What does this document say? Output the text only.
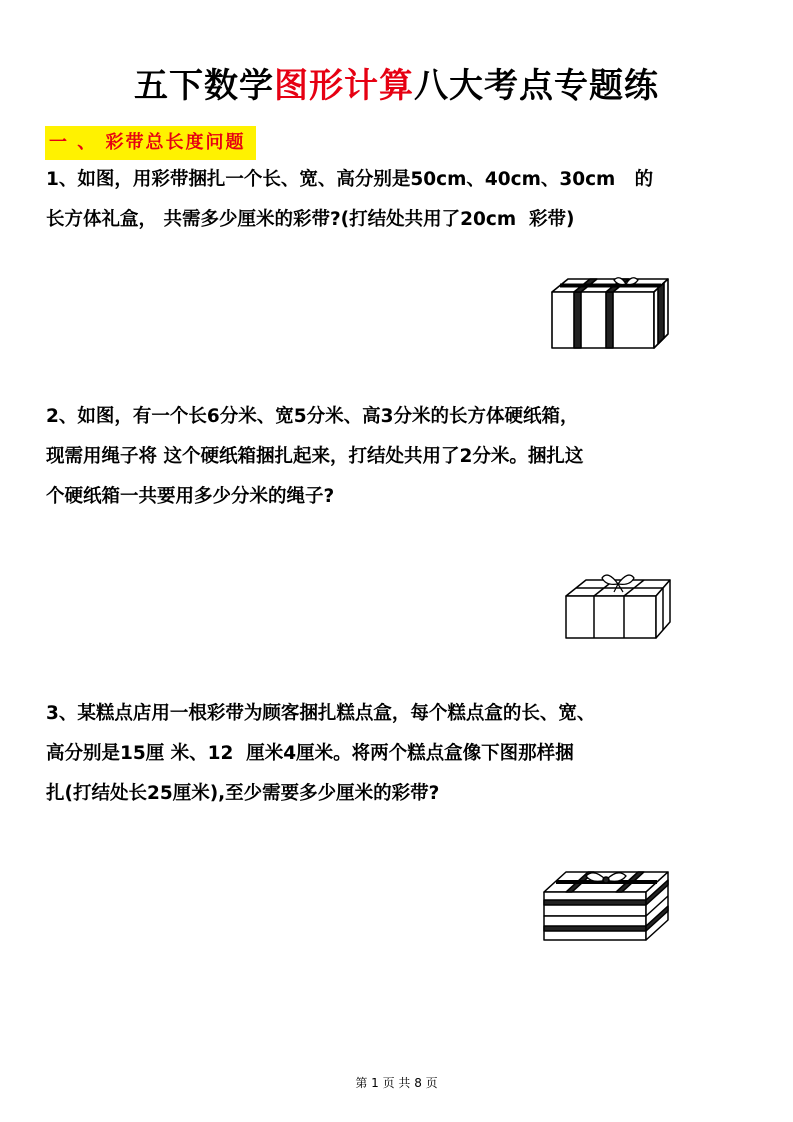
五下数学图形计算八大考点专题练
一 、 彩带总长度问题
1、如图，用彩带捆扎一个长、宽、高分别是50cm、40cm、30cm   的
长方体礼盒， 共需多少厘米的彩带?(打结处共用了20cm  彩带)
2、如图，有一个长6分米、宽5分米、高3分米的长方体硬纸箱，
现需用绳子将 这个硬纸箱捆扎起来，打结处共用了2分米。捆扎这
个硬纸箱一共要用多少分米的绳子?
3、某糕点店用一根彩带为顾客捆扎糕点盒，每个糕点盒的长、宽、
高分别是15厘 米、12  厘米4厘米。将两个糕点盒像下图那样捆
扎(打结处长25厘米),至少需要多少厘米的彩带?
第 1 页 共 8 页
